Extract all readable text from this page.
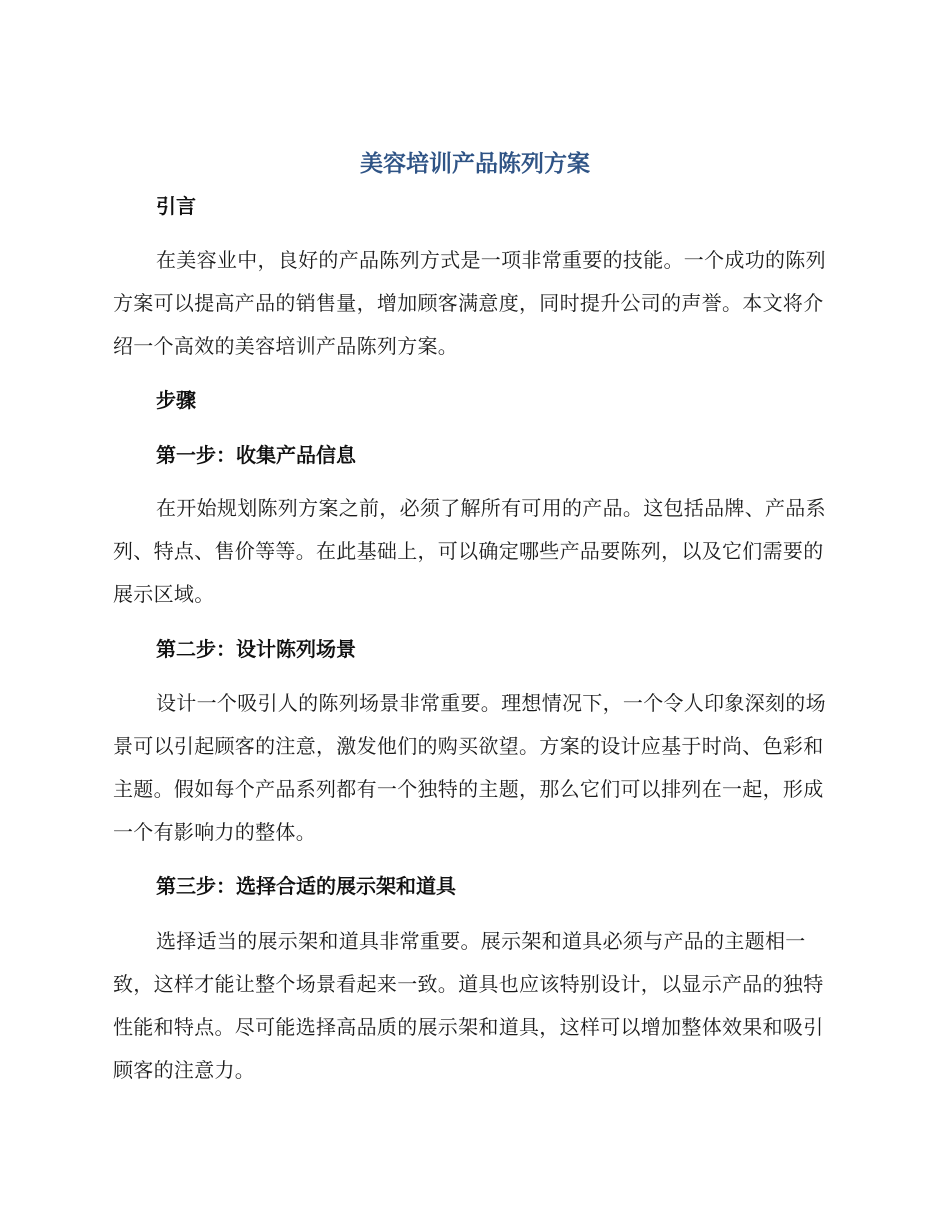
美容培训产品陈列方案
引言

在美容业中，良好的产品陈列方式是一项非常重要的技能。一个成功的陈列方案可以提高产品的销售量，增加顾客满意度，同时提升公司的声誉。本文将介绍一个高效的美容培训产品陈列方案。

步骤
第一步：收集产品信息

在开始规划陈列方案之前，必须了解所有可用的产品。这包括品牌、产品系列、特点、售价等等。在此基础上，可以确定哪些产品要陈列，以及它们需要的展示区域。

第二步：设计陈列场景

设计一个吸引人的陈列场景非常重要。理想情况下，一个令人印象深刻的场景可以引起顾客的注意，激发他们的购买欲望。方案的设计应基于时尚、色彩和主题。假如每个产品系列都有一个独特的主题，那么它们可以排列在一起，形成一个有影响力的整体。

第三步：选择合适的展示架和道具

选择适当的展示架和道具非常重要。展示架和道具必须与产品的主题相一致，这样才能让整个场景看起来一致。道具也应该特别设计，以显示产品的独特性能和特点。尽可能选择高品质的展示架和道具，这样可以增加整体效果和吸引顾客的注意力。
